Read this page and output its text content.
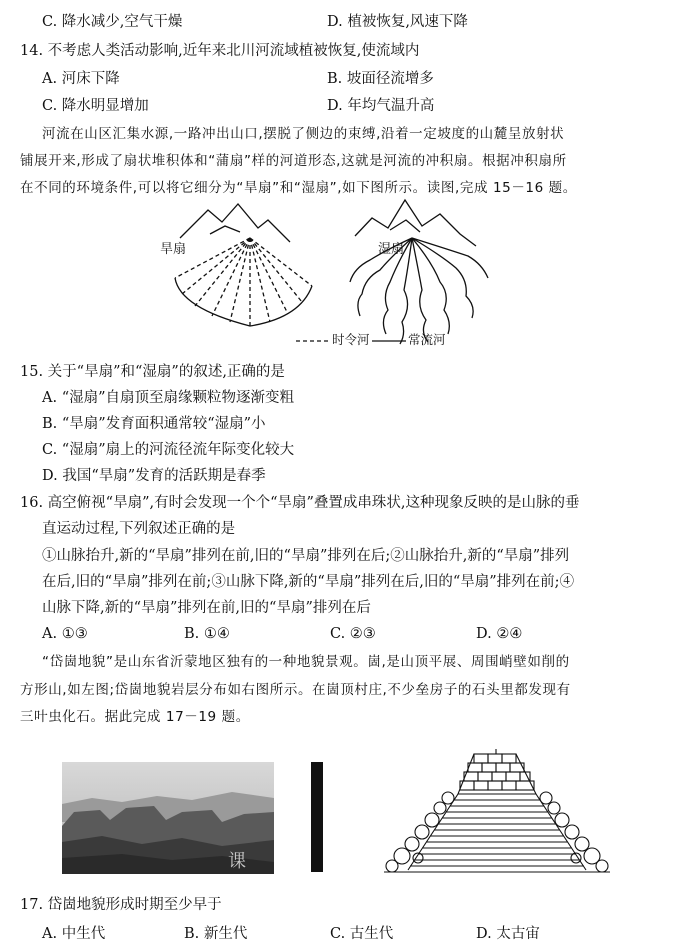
C. 降水减少,空气干燥	D. 植被恢复,风速下降
14. 不考虑人类活动影响,近年来北川河流域植被恢复,使流域内
A. 河床下降	B. 坡面径流增多
C. 降水明显增加	D. 年均气温升高
河流在山区汇集水源,一路冲出山口,摆脱了侧边的束缚,沿着一定坡度的山麓呈放射状
铺展开来,形成了扇状堆积体和“蒲扇”样的河道形态,这就是河流的冲积扇。根据冲积扇所
在不同的环境条件,可以将它细分为“旱扇”和“湿扇”,如下图所示。读图,完成 15－16 题。
旱扇	湿扇
时令河	常流河
15. 关于“旱扇”和“湿扇”的叙述,正确的是
A. “湿扇”自扇顶至扇缘颗粒物逐渐变粗
B. “旱扇”发育面积通常较“湿扇”小
C. “湿扇”扇上的河流径流年际变化较大
D. 我国“旱扇”发育的活跃期是春季
16. 高空俯视“旱扇”,有时会发现一个个“旱扇”叠置成串珠状,这种现象反映的是山脉的垂
直运动过程,下列叙述正确的是
①山脉抬升,新的“旱扇”排列在前,旧的“旱扇”排列在后;②山脉抬升,新的“旱扇”排列
在后,旧的“旱扇”排列在前;③山脉下降,新的“旱扇”排列在后,旧的“旱扇”排列在前;④
山脉下降,新的“旱扇”排列在前,旧的“旱扇”排列在后
A. ①③	B. ①④	C. ②③	D. ②④
“岱崮地貌”是山东省沂蒙地区独有的一种地貌景观。崮,是山顶平展、周围峭壁如削的
方形山,如左图;岱崮地貌岩层分布如右图所示。在崮顶村庄,不少垒房子的石头里都发现有
三叶虫化石。据此完成 17－19 题。
课
17. 岱崮地貌形成时期至少早于
A. 中生代	B. 新生代	C. 古生代	D. 太古宙
